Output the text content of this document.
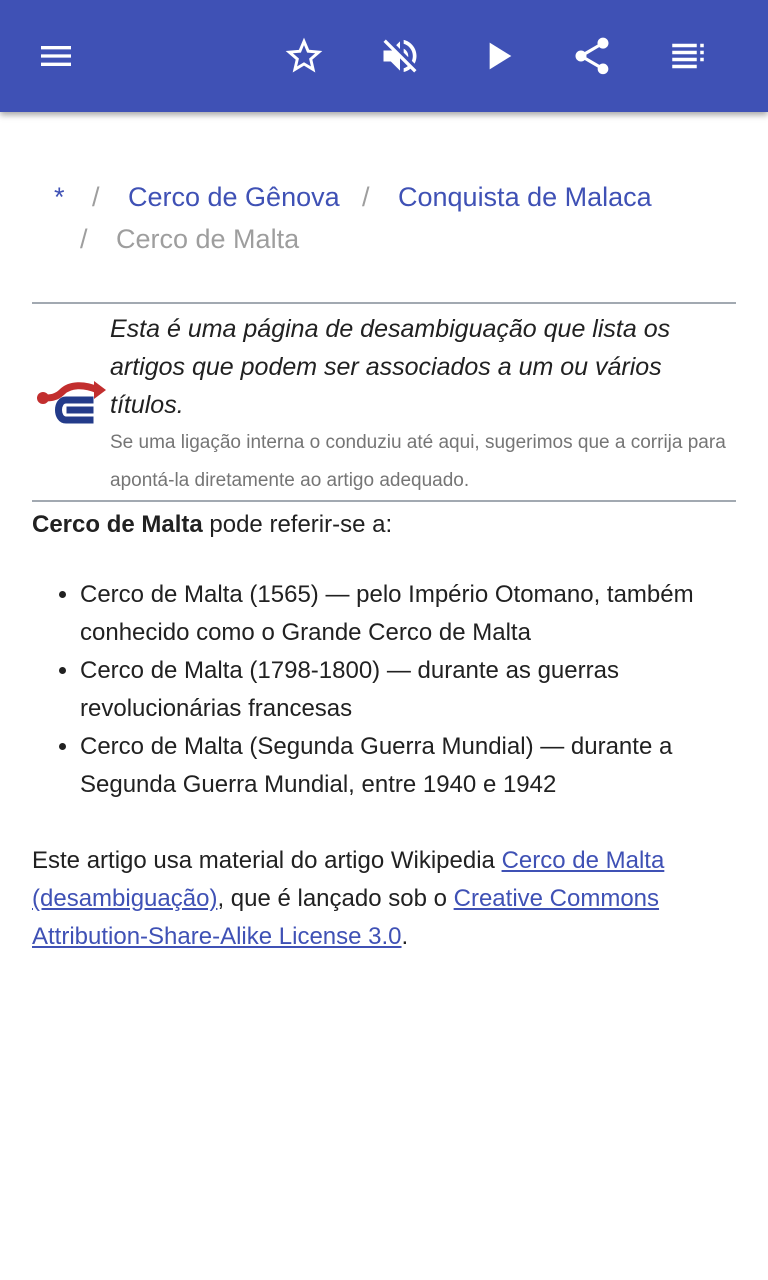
* / Cerco de Gênova / Conquista de Malaca
/ Cerco de Malta
Esta é uma página de desambiguação que lista os artigos que podem ser associados a um ou vários títulos.
Se uma ligação interna o conduziu até aqui, sugerimos que a corrija para apontá-la diretamente ao artigo adequado.

Cerco de Malta pode referir-se a:

• Cerco de Malta (1565) — pelo Império Otomano, também conhecido como o Grande Cerco de Malta
• Cerco de Malta (1798-1800) — durante as guerras revolucionárias francesas
• Cerco de Malta (Segunda Guerra Mundial) — durante a Segunda Guerra Mundial, entre 1940 e 1942

Este artigo usa material do artigo Wikipedia Cerco de Malta (desambiguação), que é lançado sob o Creative Commons Attribution-Share-Alike License 3.0.
